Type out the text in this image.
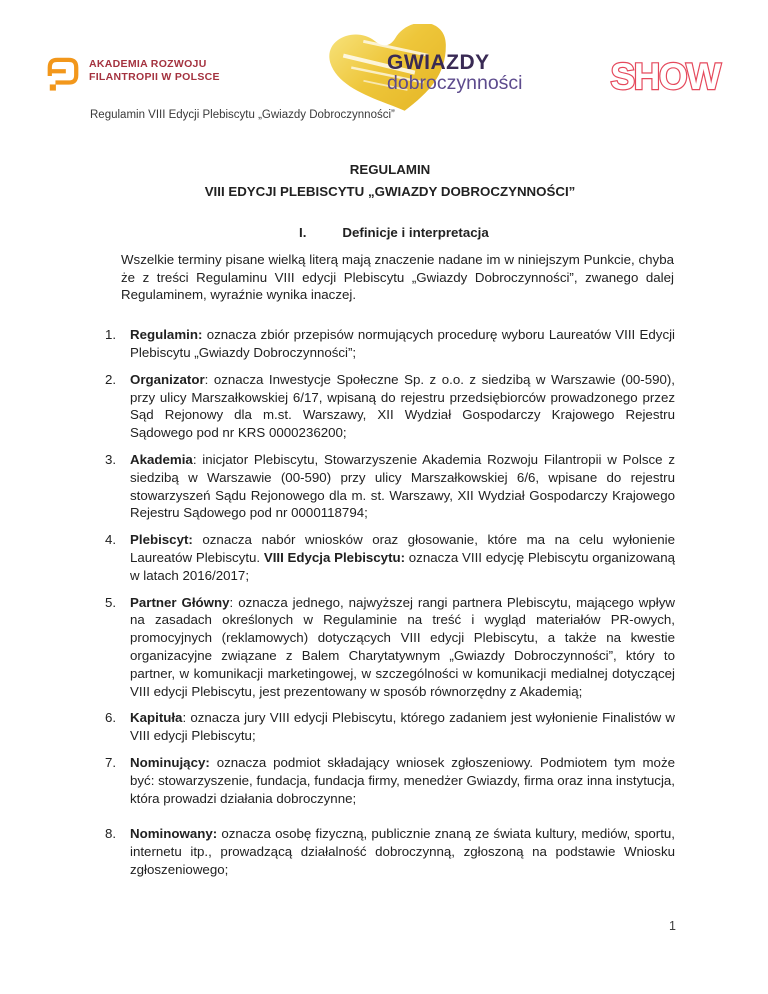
AKADEMIA ROZWOJU
FILANTROPII W POLSCE
GWIAZDY
dobroczynności SHOW
Regulamin VIII Edycji Plebiscytu „Gwiazdy Dobroczynności”
REGULAMIN
VIII EDYCJI PLEBISCYTU „GWIAZDY DOBROCZYNNOŚCI”
I.	Definicje i interpretacja

Wszelkie terminy pisane wielką literą mają znaczenie nadane im w niniejszym Punkcie, chyba że z treści Regulaminu VIII edycji Plebiscytu „Gwiazdy Dobroczynności”, zwanego dalej Regulaminem, wyraźnie wynika inaczej.

1. Regulamin: oznacza zbiór przepisów normujących procedurę wyboru Laureatów VIII Edycji Plebiscytu „Gwiazdy Dobroczynności”;
2. Organizator: oznacza Inwestycje Społeczne Sp. z o.o. z siedzibą w Warszawie (00-590), przy ulicy Marszałkowskiej 6/17, wpisaną do rejestru przedsiębiorców prowadzonego przez Sąd Rejonowy dla m.st. Warszawy, XII Wydział Gospodarczy Krajowego Rejestru Sądowego pod nr KRS 0000236200;
3. Akademia: inicjator Plebiscytu, Stowarzyszenie Akademia Rozwoju Filantropii w Polsce z siedzibą w Warszawie (00-590) przy ulicy Marszałkowskiej 6/6, wpisane do rejestru stowarzyszeń Sądu Rejonowego dla m. st. Warszawy, XII Wydział Gospodarczy Krajowego Rejestru Sądowego pod nr 0000118794;
4. Plebiscyt: oznacza nabór wniosków oraz głosowanie, które ma na celu wyłonienie Laureatów Plebiscytu. VIII Edycja Plebiscytu: oznacza VIII edycję Plebiscytu organizowaną w latach 2016/2017;
5. Partner Główny: oznacza jednego, najwyższej rangi partnera Plebiscytu, mającego wpływ na zasadach określonych w Regulaminie na treść i wygląd materiałów PR-owych, promocyjnych (reklamowych) dotyczących VIII edycji Plebiscytu, a także na kwestie organizacyjne związane z Balem Charytatywnym „Gwiazdy Dobroczynności”, który to partner, w komunikacji marketingowej, w szczególności w komunikacji medialnej dotyczącej VIII edycji Plebiscytu, jest prezentowany w sposób równorzędny z Akademią;
6. Kapituła: oznacza jury VIII edycji Plebiscytu, którego zadaniem jest wyłonienie Finalistów w VIII edycji Plebiscytu;
7. Nominujący: oznacza podmiot składający wniosek zgłoszeniowy. Podmiotem tym może być: stowarzyszenie, fundacja, fundacja firmy, menedżer Gwiazdy, firma oraz inna instytucja, która prowadzi działania dobroczynne;
8. Nominowany: oznacza osobę fizyczną, publicznie znaną ze świata kultury, mediów, sportu, internetu itp., prowadzącą działalność dobroczynną, zgłoszoną na podstawie Wniosku zgłoszeniowego;
1
